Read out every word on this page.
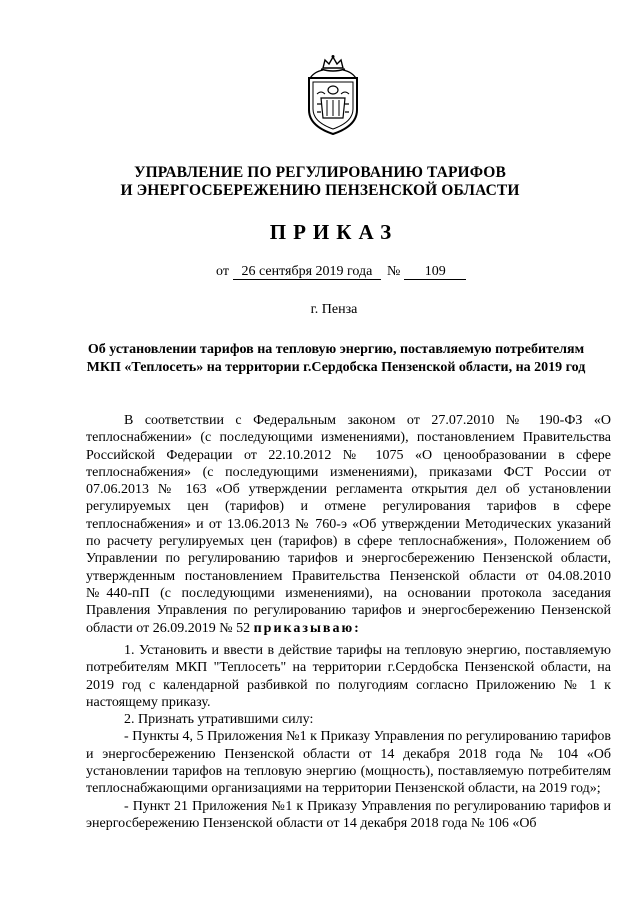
УПРАВЛЕНИЕ ПО РЕГУЛИРОВАНИЮ ТАРИФОВ
И ЭНЕРГОСБЕРЕЖЕНИЮ ПЕНЗЕНСКОЙ ОБЛАСТИ
ПРИКАЗ
от 26 сентября 2019 года № 109
г. Пенза
Об установлении тарифов на тепловую энергию, поставляемую потребителям МКП «Теплосеть» на территории г.Сердобска Пензенской области, на 2019 год

В соответствии с Федеральным законом от 27.07.2010 № 190-ФЗ «О теплоснабжении» (с последующими изменениями), постановлением Правительства Российской Федерации от 22.10.2012 № 1075 «О ценообразовании в сфере теплоснабжения» (с последующими изменениями), приказами ФСТ России от 07.06.2013 № 163 «Об утверждении регламента открытия дел об установлении регулируемых цен (тарифов) и отмене регулирования тарифов в сфере теплоснабжения» и от 13.06.2013 № 760-э «Об утверждении Методических указаний по расчету регулируемых цен (тарифов) в сфере теплоснабжения», Положением об Управлении по регулированию тарифов и энергосбережению Пензенской области, утвержденным постановлением Правительства Пензенской области от 04.08.2010 №440-пП (с последующими изменениями), на основании протокола заседания Правления Управления по регулированию тарифов и энергосбережению Пензенской области от 26.09.2019 № 52 приказываю:

1. Установить и ввести в действие тарифы на тепловую энергию, поставляемую потребителям МКП "Теплосеть" на территории г.Сердобска Пензенской области, на 2019 год с календарной разбивкой по полугодиям согласно Приложению № 1 к настоящему приказу.

2. Признать утратившими силу:

- Пункты 4, 5 Приложения №1 к Приказу Управления по регулированию тарифов и энергосбережению Пензенской области от 14 декабря 2018 года № 104 «Об установлении тарифов на тепловую энергию (мощность), поставляемую потребителям теплоснабжающими организациями на территории Пензенской области, на 2019 год»;

- Пункт 21 Приложения №1 к Приказу Управления по регулированию тарифов и энергосбережению Пензенской области от 14 декабря 2018 года № 106 «Об
